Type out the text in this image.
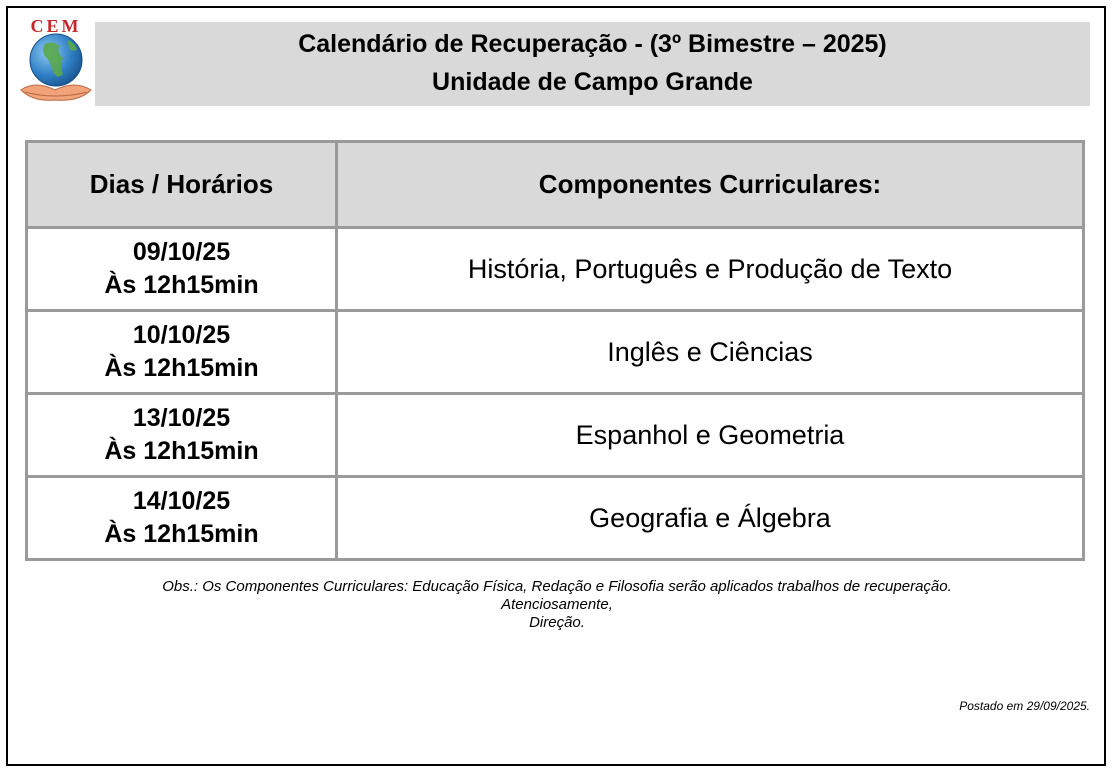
CEM
Calendário de Recuperação - (3º Bimestre – 2025)
Unidade de Campo Grande
Dias / Horários	Componentes Curriculares:

09/10/25
Às 12h15min	História, Português e Produção de Texto

10/10/25
Às 12h15min	Inglês e Ciências

13/10/25
Às 12h15min	Espanhol e Geometria

14/10/25
Às 12h15min	Geografia e Álgebra
Obs.: Os Componentes Curriculares: Educação Física, Redação e Filosofia serão aplicados trabalhos de recuperação.
Atenciosamente,
Direção.
Postado em 29/09/2025.
